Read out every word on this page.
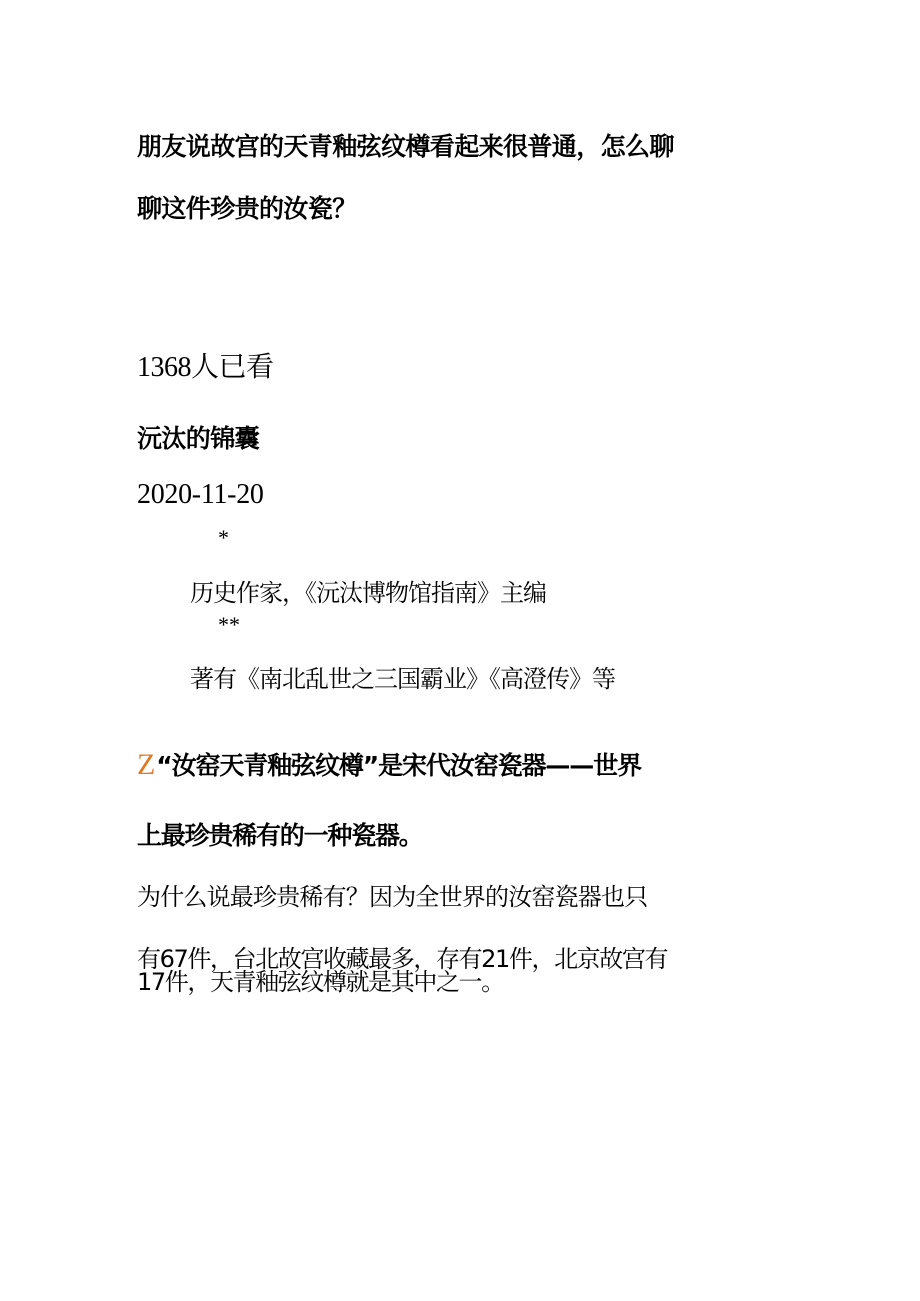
朋友说故宫的天青釉弦纹樽看起来很普通，怎么聊
聊这件珍贵的汝瓷？
1368人已看
沅汰的锦囊
2020-11-20
*
历史作家，《沅汰博物馆指南》主编
**
著有《南北乱世之三国霸业》《高澄传》等
Z“汝窑天青釉弦纹樽”是宋代汝窑瓷器——世界
上最珍贵稀有的一种瓷器。
为什么说最珍贵稀有？因为全世界的汝窑瓷器也只
有67件，台北故宫收藏最多，存有21件，北京故宫有
17件，天青釉弦纹樽就是其中之一。
